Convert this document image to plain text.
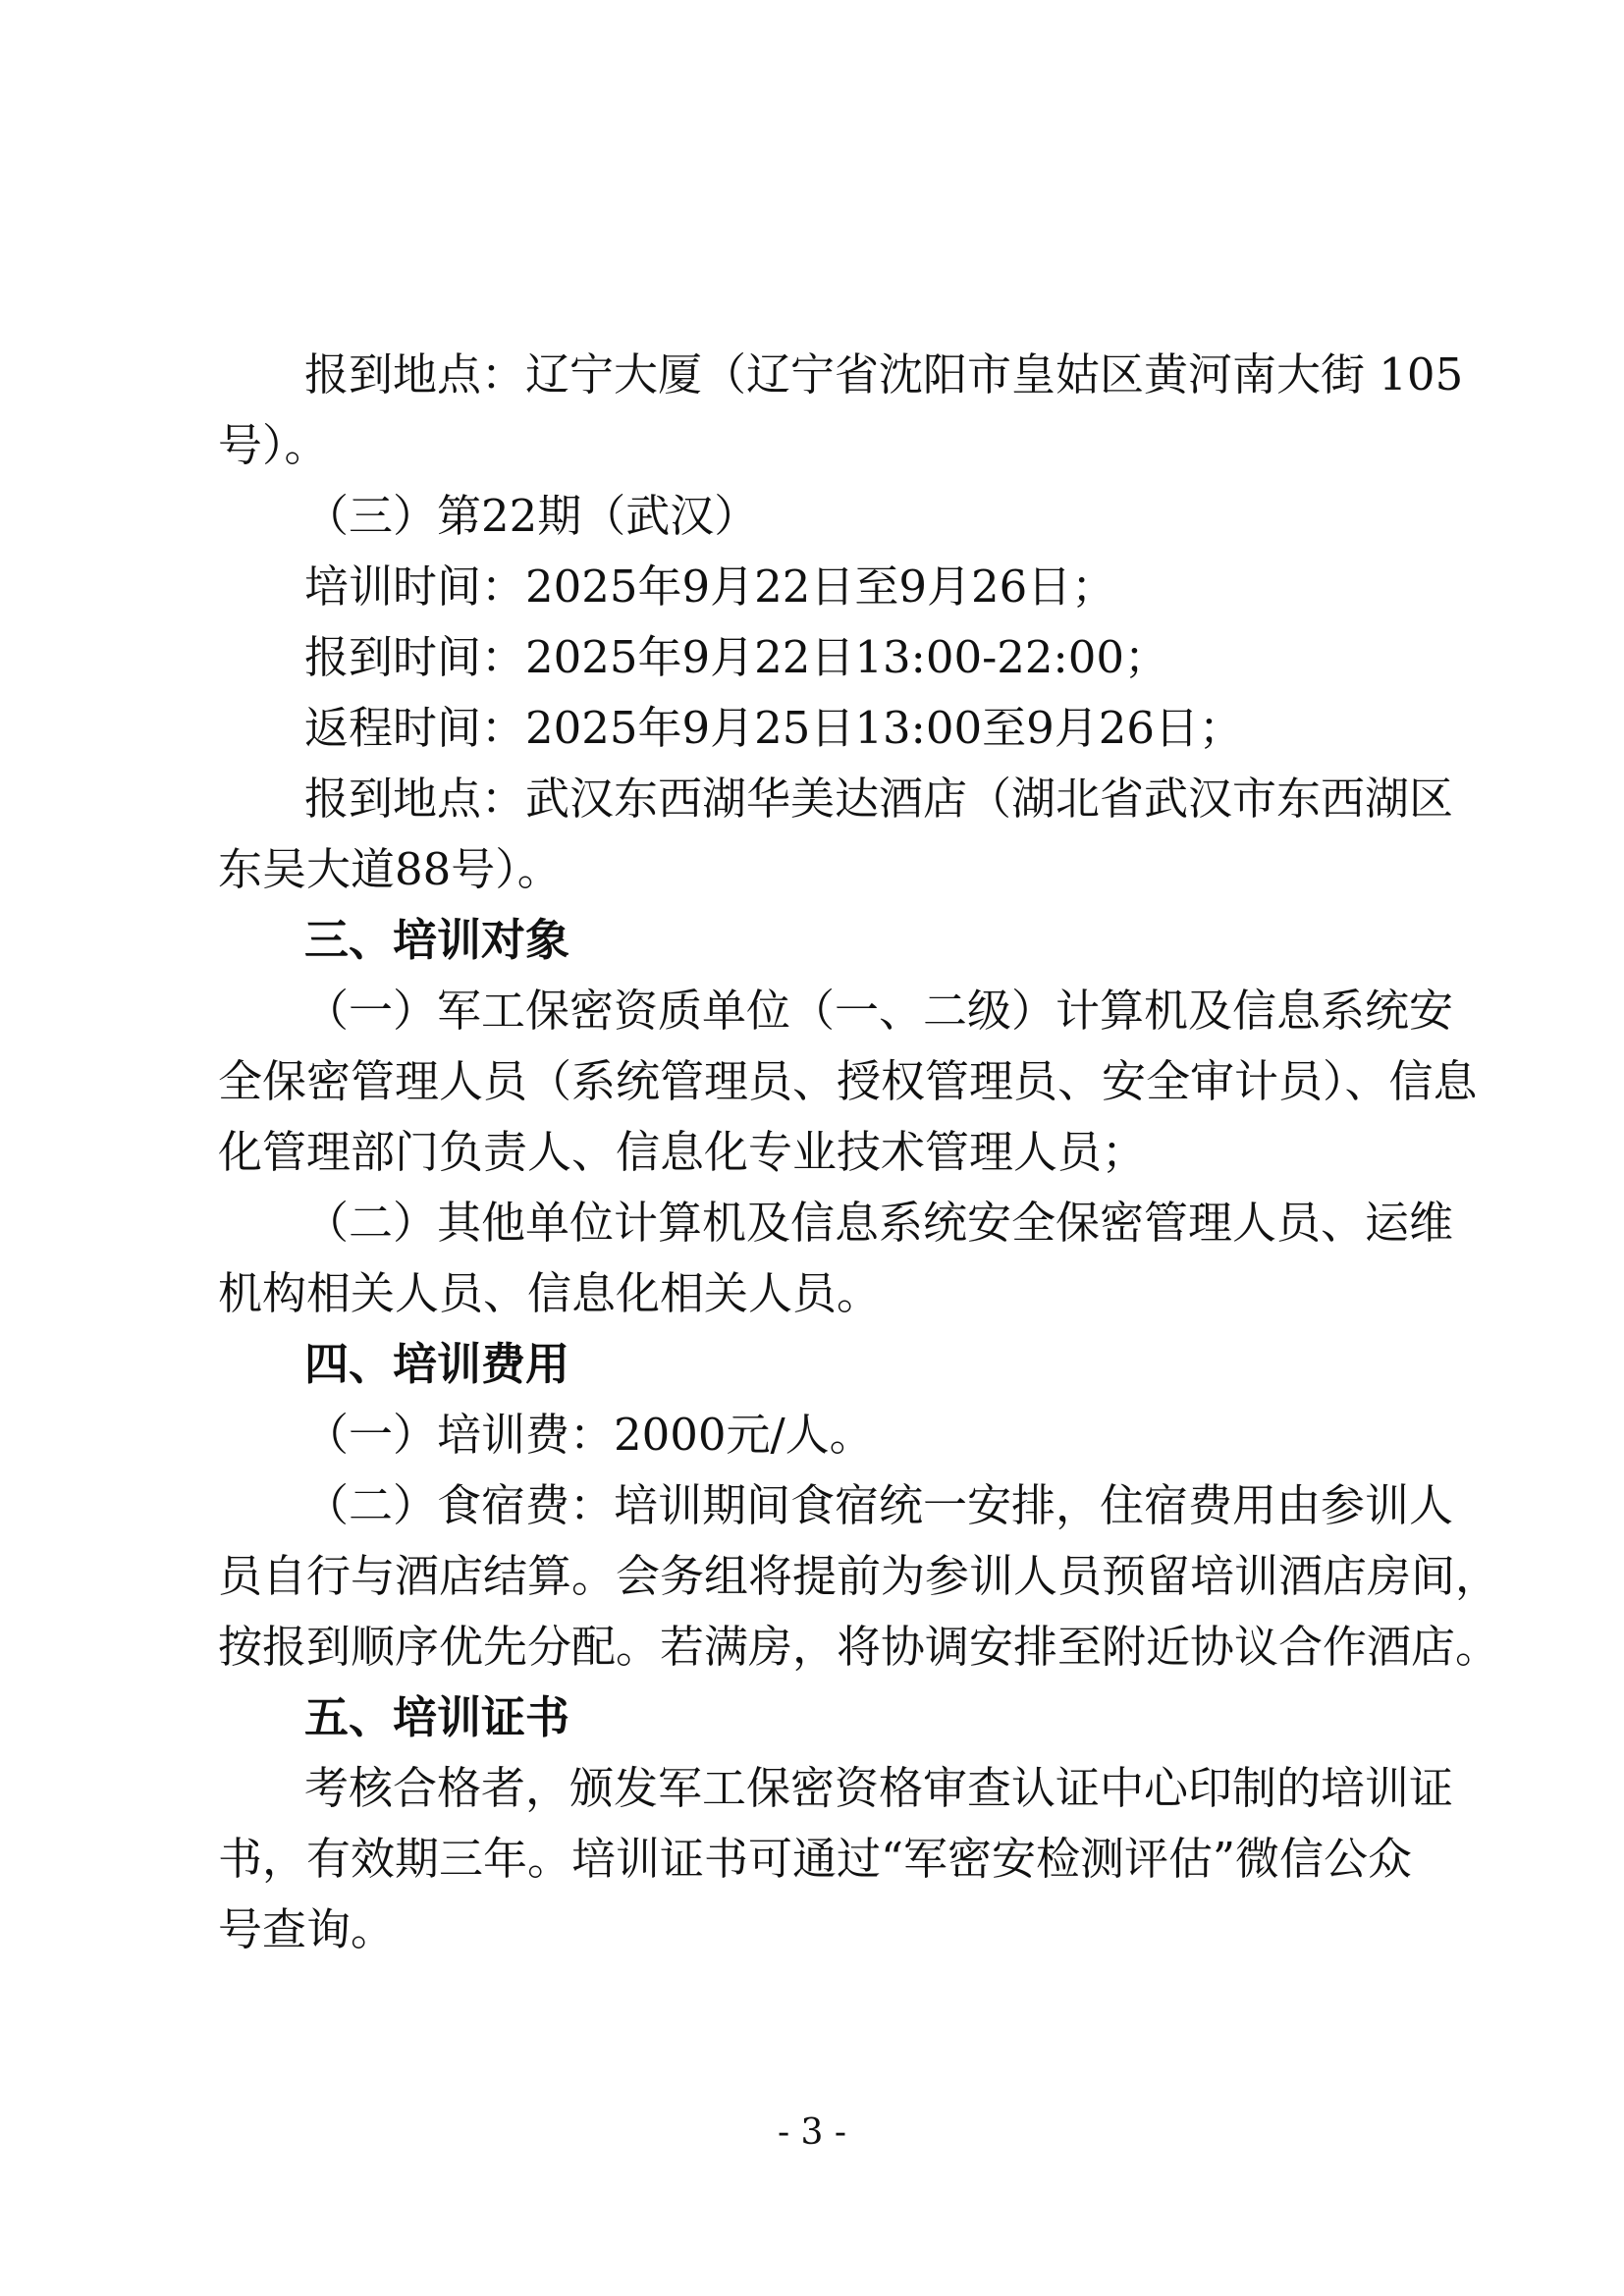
报到地点：辽宁大厦（辽宁省沈阳市皇姑区黄河南大街 105
号）。
（三）第22期（武汉）
培训时间：2025年9月22日至9月26日；
报到时间：2025年9月22日13:00-22:00；
返程时间：2025年9月25日13:00至9月26日；
报到地点：武汉东西湖华美达酒店（湖北省武汉市东西湖区
东吴大道88号）。
三、培训对象
（一）军工保密资质单位（一、二级）计算机及信息系统安
全保密管理人员（系统管理员、授权管理员、安全审计员）、信息
化管理部门负责人、信息化专业技术管理人员；
（二）其他单位计算机及信息系统安全保密管理人员、运维
机构相关人员、信息化相关人员。
四、培训费用
（一）培训费：2000元/人。
（二）食宿费：培训期间食宿统一安排，住宿费用由参训人
员自行与酒店结算。会务组将提前为参训人员预留培训酒店房间，
按报到顺序优先分配。若满房，将协调安排至附近协议合作酒店。
五、培训证书
考核合格者，颁发军工保密资格审查认证中心印制的培训证
书，有效期三年。培训证书可通过“军密安检测评估”微信公众
号查询。
- 3 -
